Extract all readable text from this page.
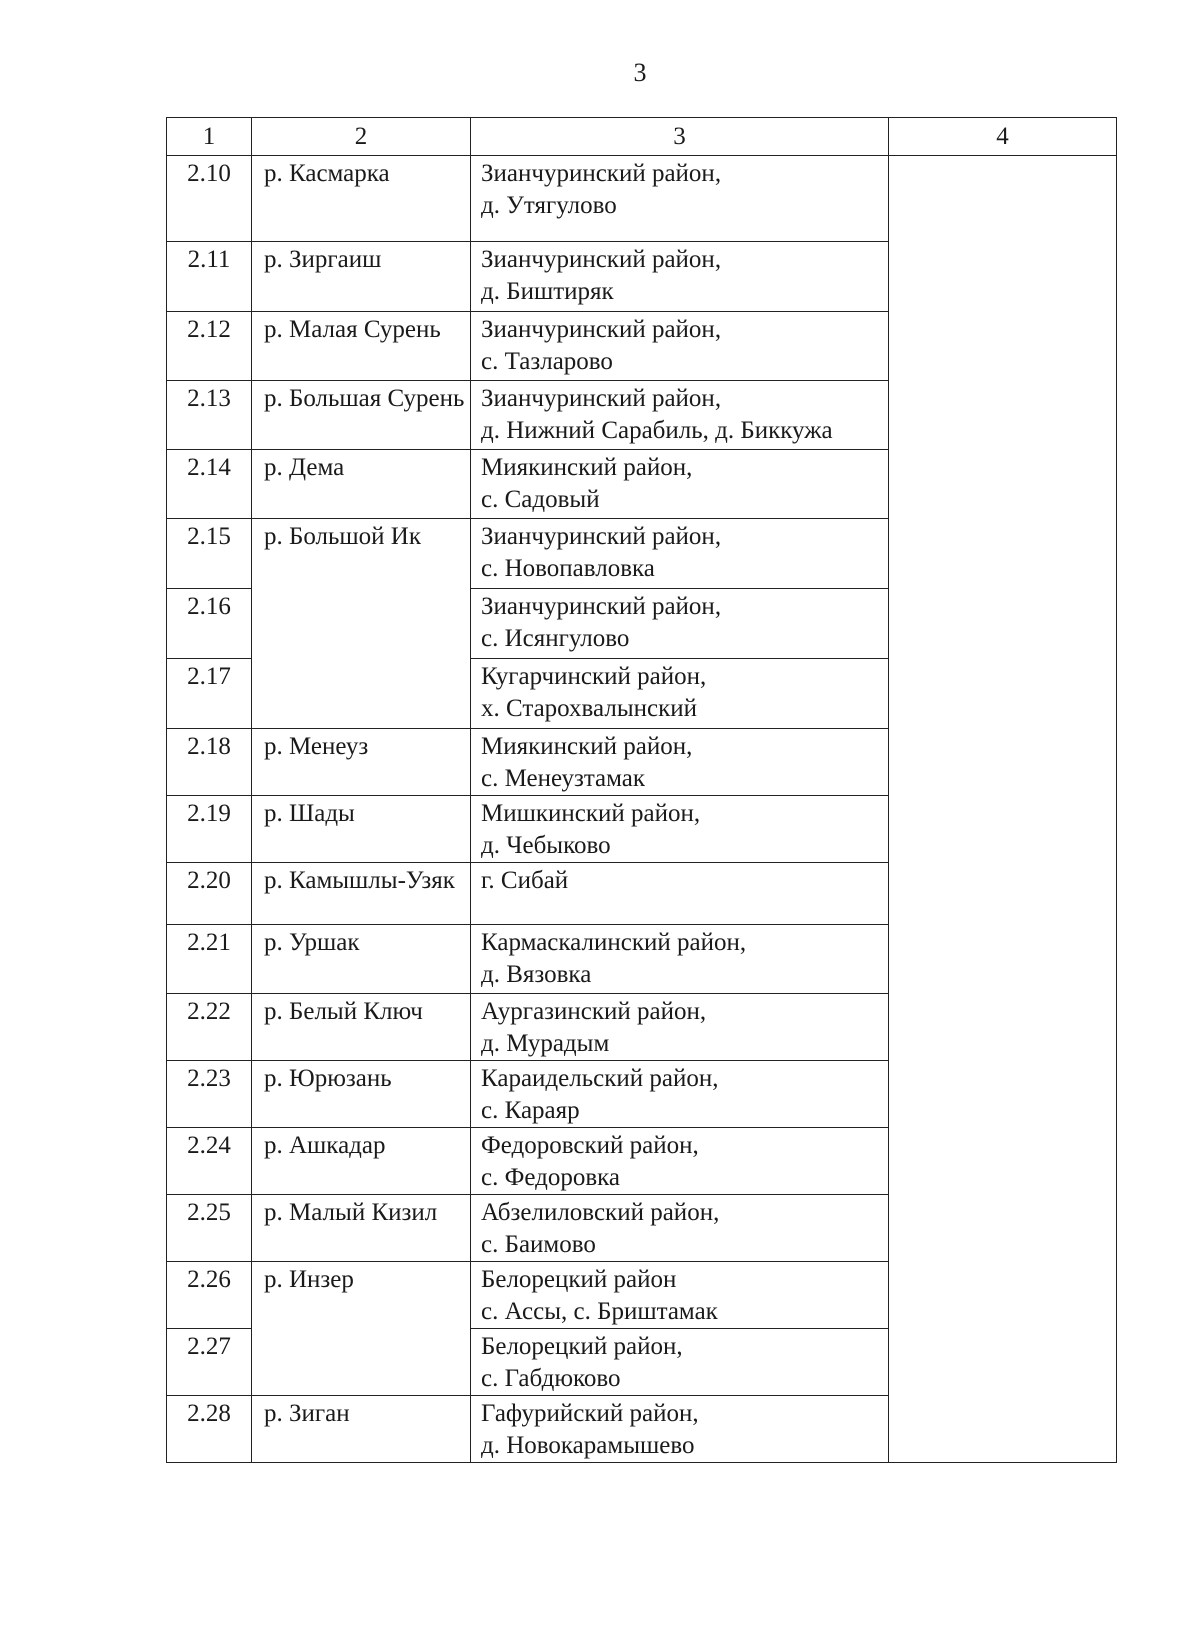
3
1	2	3	4
2.10	р. Касмарка	Зианчуринский район,
д. Утягулово	

2.11	р. Зиргаиш	Зианчуринский район,
д. Биштиряк	

2.12	р. Малая Сурень	Зианчуринский район,
с. Тазларово	

2.13	р. Большая Сурень	Зианчуринский район,
д. Нижний Сарабиль, д. Биккужа	

2.14	р. Дема	Миякинский район,
с. Садовый	

2.15	р. Большой Ик	Зианчуринский район,
с. Новопавловка	

2.16		Зианчуринский район,
с. Исянгулово	

2.17		Кугарчинский район,
х. Старохвалынский	

2.18	р. Менеуз	Миякинский район,
с. Менеузтамак	

2.19	р. Шады	Мишкинский район,
д. Чебыково	

2.20	р. Камышлы-Узяк	г. Сибай	

2.21	р. Уршак	Кармаскалинский район,
д. Вязовка	

2.22	р. Белый Ключ	Аургазинский район,
д. Мурадым	

2.23	р. Юрюзань	Караидельский район,
с. Караяр	

2.24	р. Ашкадар	Федоровский район,
с. Федоровка	

2.25	р. Малый Кизил	Абзелиловский район,
с. Баимово	

2.26	р. Инзер	Белорецкий район
с. Ассы, с. Бриштамак	

2.27		Белорецкий район,
с. Габдюково	

2.28	р. Зиган	Гафурийский район,
д. Новокарамышево	
